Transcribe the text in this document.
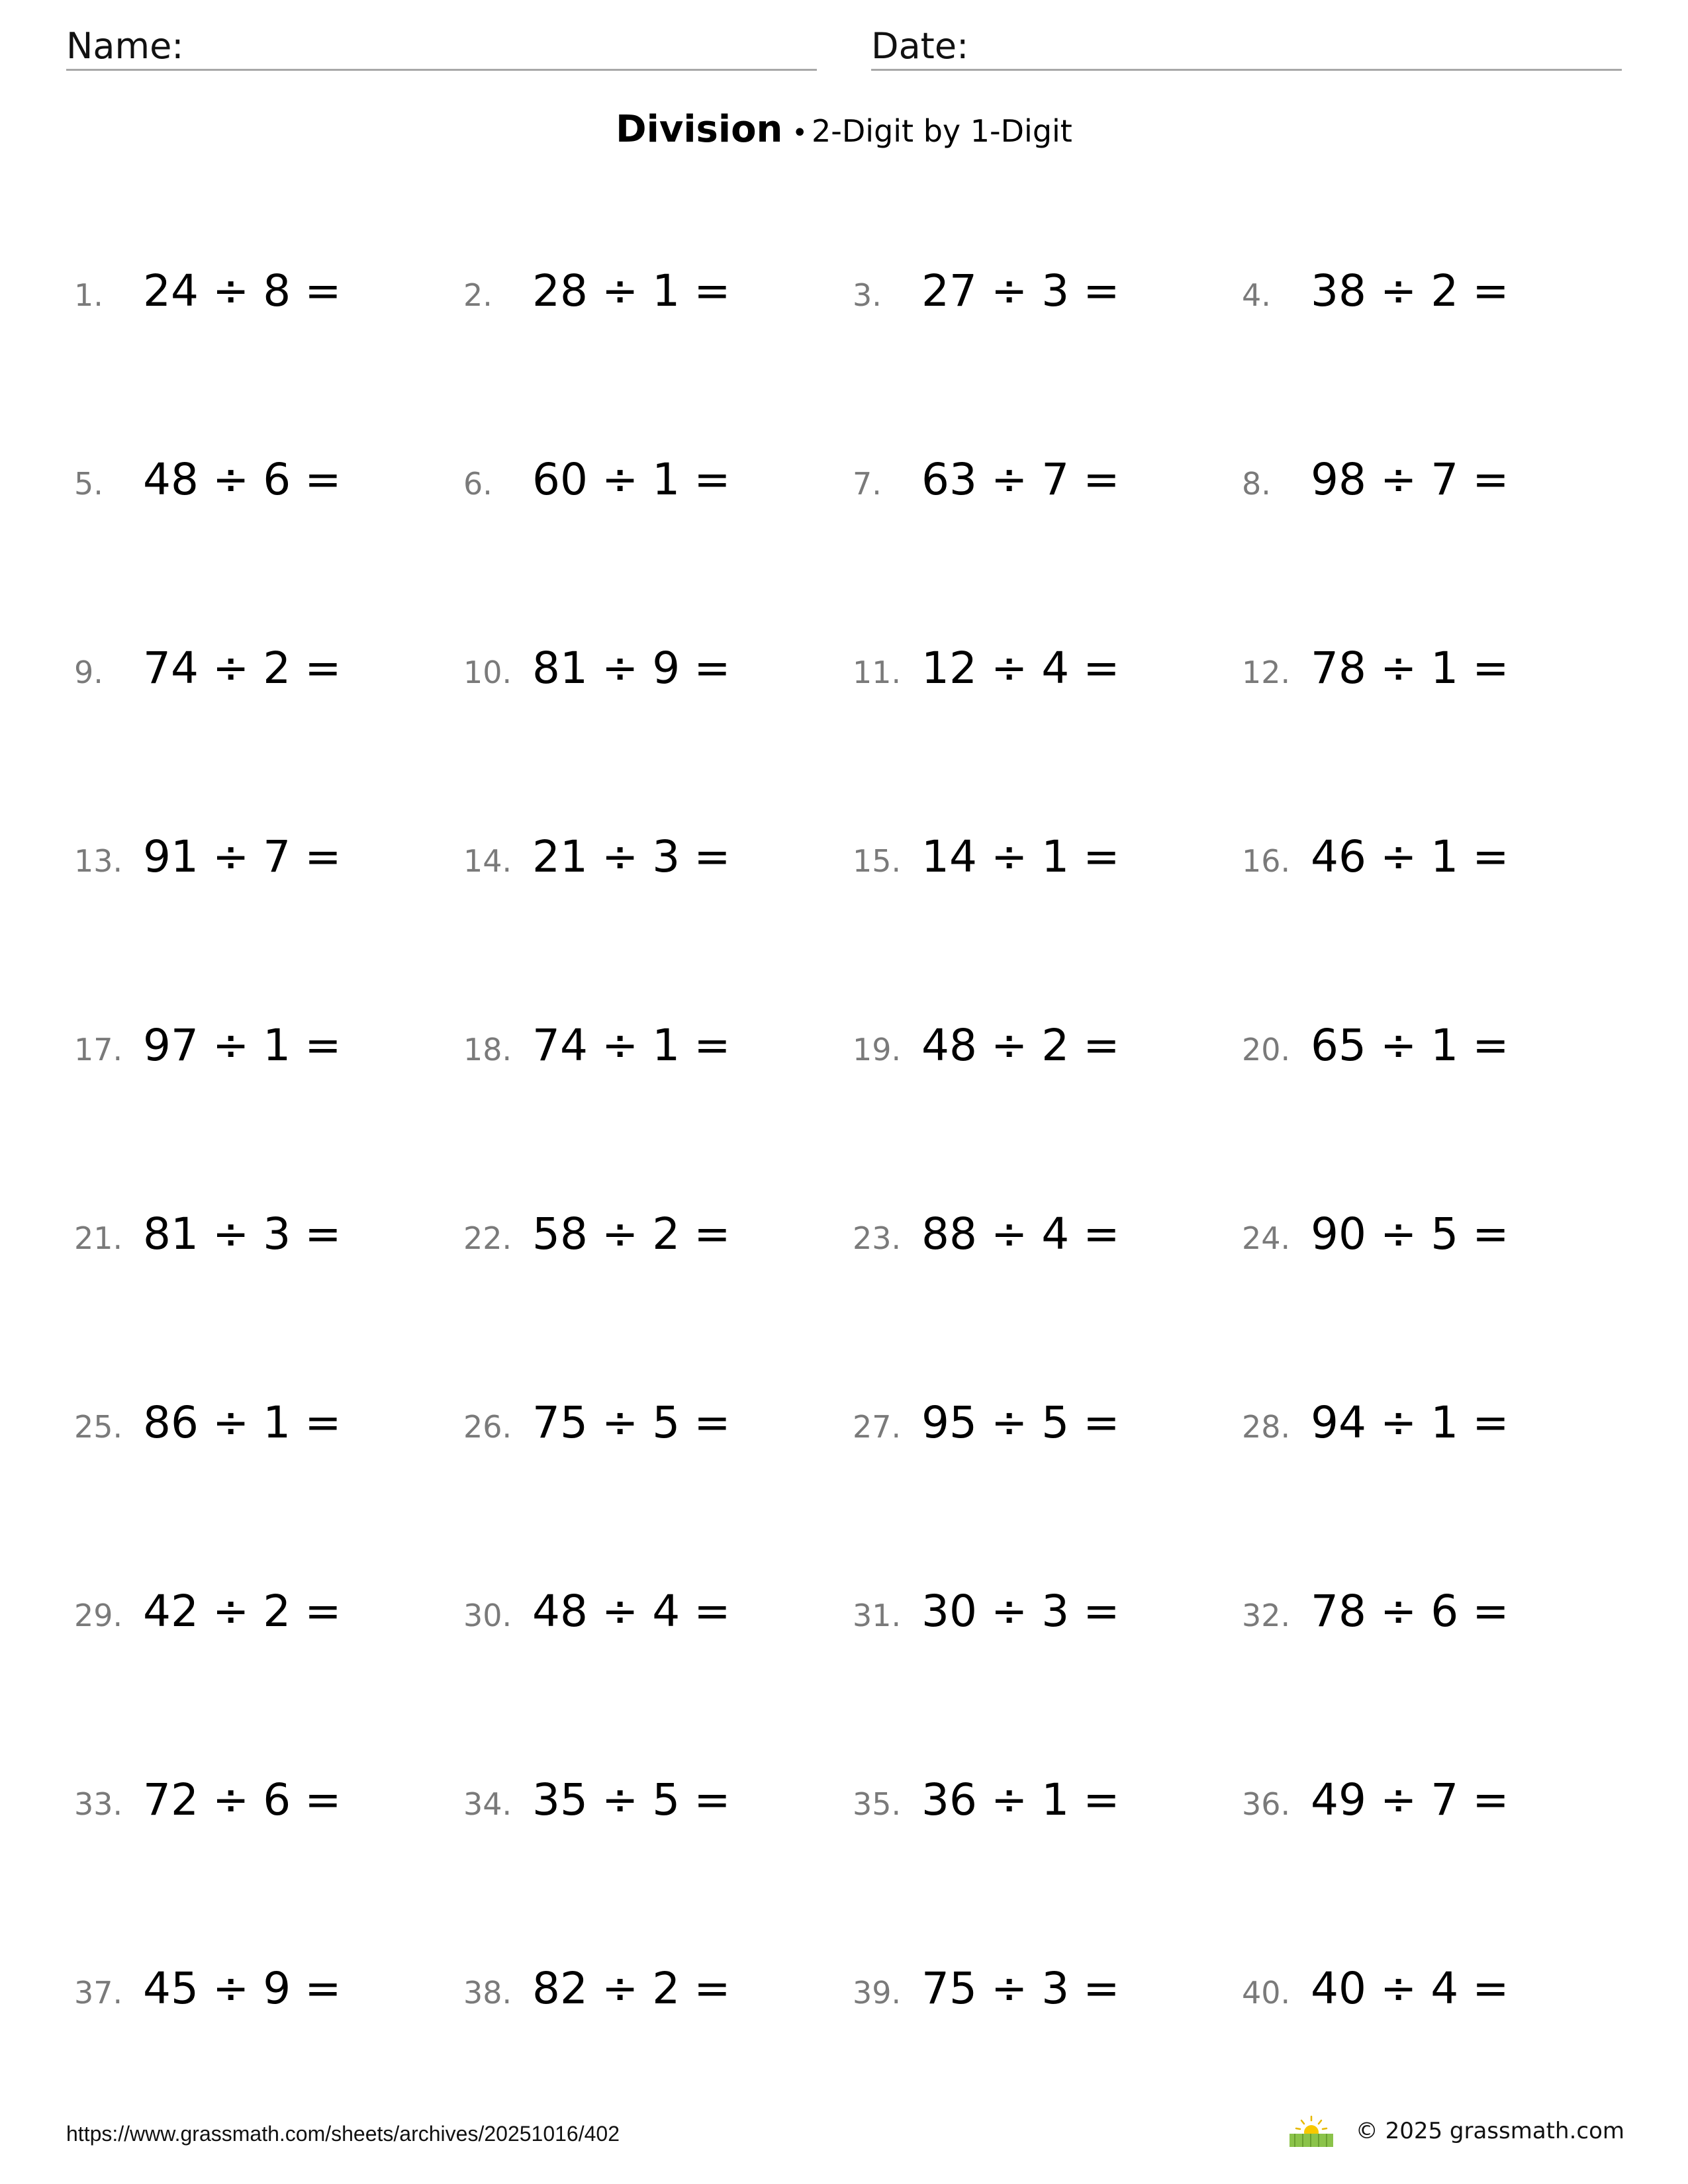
Name:	Date:
Division • 2-Digit by 1-Digit
1. 24 ÷ 8 =	2. 28 ÷ 1 =	3. 27 ÷ 3 =	4. 38 ÷ 2 =
5. 48 ÷ 6 =	6. 60 ÷ 1 =	7. 63 ÷ 7 =	8. 98 ÷ 7 =
9. 74 ÷ 2 =	10. 81 ÷ 9 =	11. 12 ÷ 4 =	12. 78 ÷ 1 =
13. 91 ÷ 7 =	14. 21 ÷ 3 =	15. 14 ÷ 1 =	16. 46 ÷ 1 =
17. 97 ÷ 1 =	18. 74 ÷ 1 =	19. 48 ÷ 2 =	20. 65 ÷ 1 =
21. 81 ÷ 3 =	22. 58 ÷ 2 =	23. 88 ÷ 4 =	24. 90 ÷ 5 =
25. 86 ÷ 1 =	26. 75 ÷ 5 =	27. 95 ÷ 5 =	28. 94 ÷ 1 =
29. 42 ÷ 2 =	30. 48 ÷ 4 =	31. 30 ÷ 3 =	32. 78 ÷ 6 =
33. 72 ÷ 6 =	34. 35 ÷ 5 =	35. 36 ÷ 1 =	36. 49 ÷ 7 =
37. 45 ÷ 9 =	38. 82 ÷ 2 =	39. 75 ÷ 3 =	40. 40 ÷ 4 =
https://www.grassmath.com/sheets/archives/20251016/402	© 2025 grassmath.com
